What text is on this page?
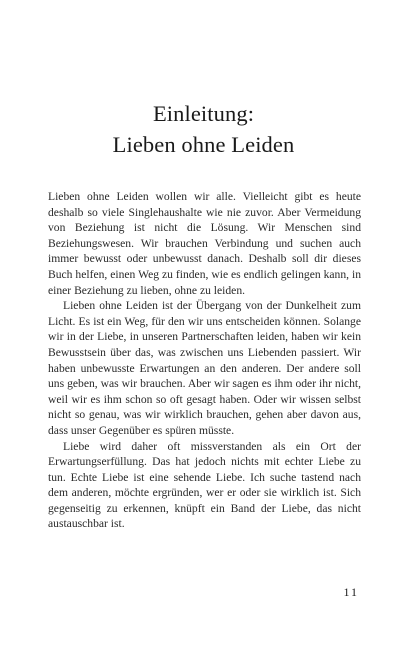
Einleitung:
Lieben ohne Leiden

Lieben ohne Leiden wollen wir alle. Vielleicht gibt es heute deshalb so viele Singlehaushalte wie nie zuvor. Aber Vermeidung von Beziehung ist nicht die Lösung. Wir Menschen sind Beziehungswesen. Wir brauchen Verbindung und suchen auch immer bewusst oder unbewusst danach. Deshalb soll dir dieses Buch helfen, einen Weg zu finden, wie es endlich gelingen kann, in einer Beziehung zu lieben, ohne zu leiden.

Lieben ohne Leiden ist der Übergang von der Dunkelheit zum Licht. Es ist ein Weg, für den wir uns entscheiden können. Solange wir in der Liebe, in unseren Partnerschaften leiden, haben wir kein Bewusstsein über das, was zwischen uns Liebenden passiert. Wir haben unbewusste Erwartungen an den anderen. Der andere soll uns geben, was wir brauchen. Aber wir sagen es ihm oder ihr nicht, weil wir es ihm schon so oft gesagt haben. Oder wir wissen selbst nicht so genau, was wir wirklich brauchen, gehen aber davon aus, dass unser Gegenüber es spüren müsste.

Liebe wird daher oft missverstanden als ein Ort der Erwartungserfüllung. Das hat jedoch nichts mit echter Liebe zu tun. Echte Liebe ist eine sehende Liebe. Ich suche tastend nach dem anderen, möchte ergründen, wer er oder sie wirklich ist. Sich gegenseitig zu erkennen, knüpft ein Band der Liebe, das nicht austauschbar ist.

11
